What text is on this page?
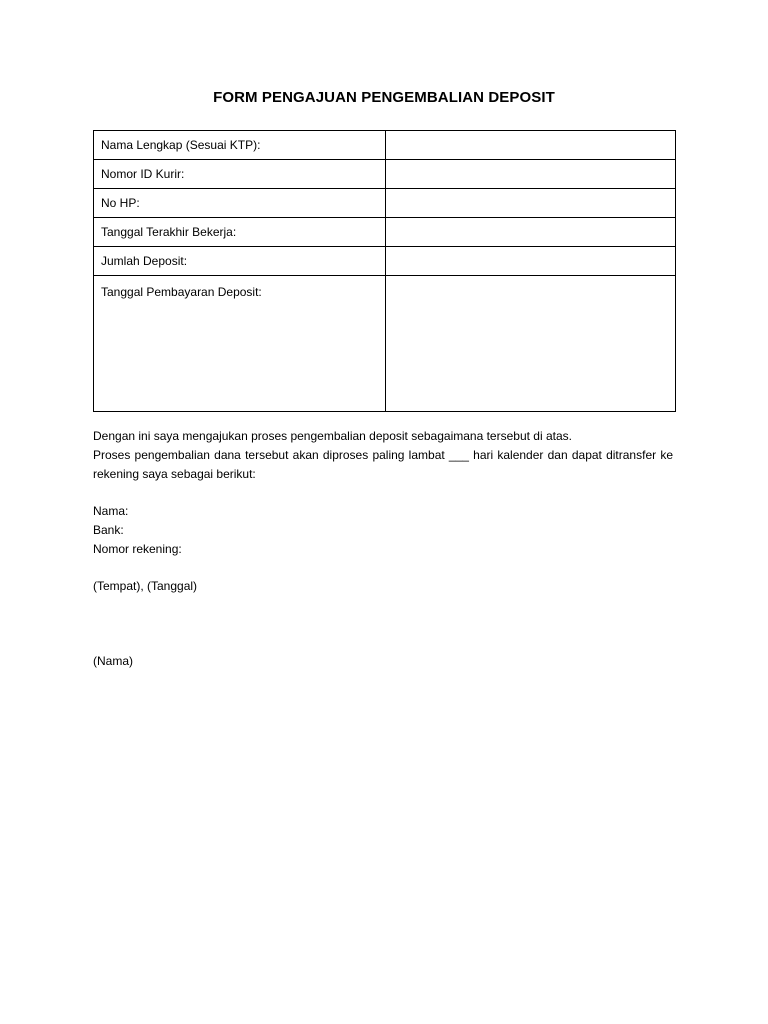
FORM PENGAJUAN PENGEMBALIAN DEPOSIT
Nama Lengkap (Sesuai KTP):	
Nomor ID Kurir:	
No HP:	
Tanggal Terakhir Bekerja:	
Jumlah Deposit:	
Tanggal Pembayaran Deposit:	

Dengan ini saya mengajukan proses pengembalian deposit sebagaimana tersebut di atas.

Proses pengembalian dana tersebut akan diproses paling lambat ___ hari kalender dan dapat ditransfer ke rekening saya sebagai berikut:

Nama:

Bank:

Nomor rekening:

(Tempat), (Tanggal)

(Nama)
